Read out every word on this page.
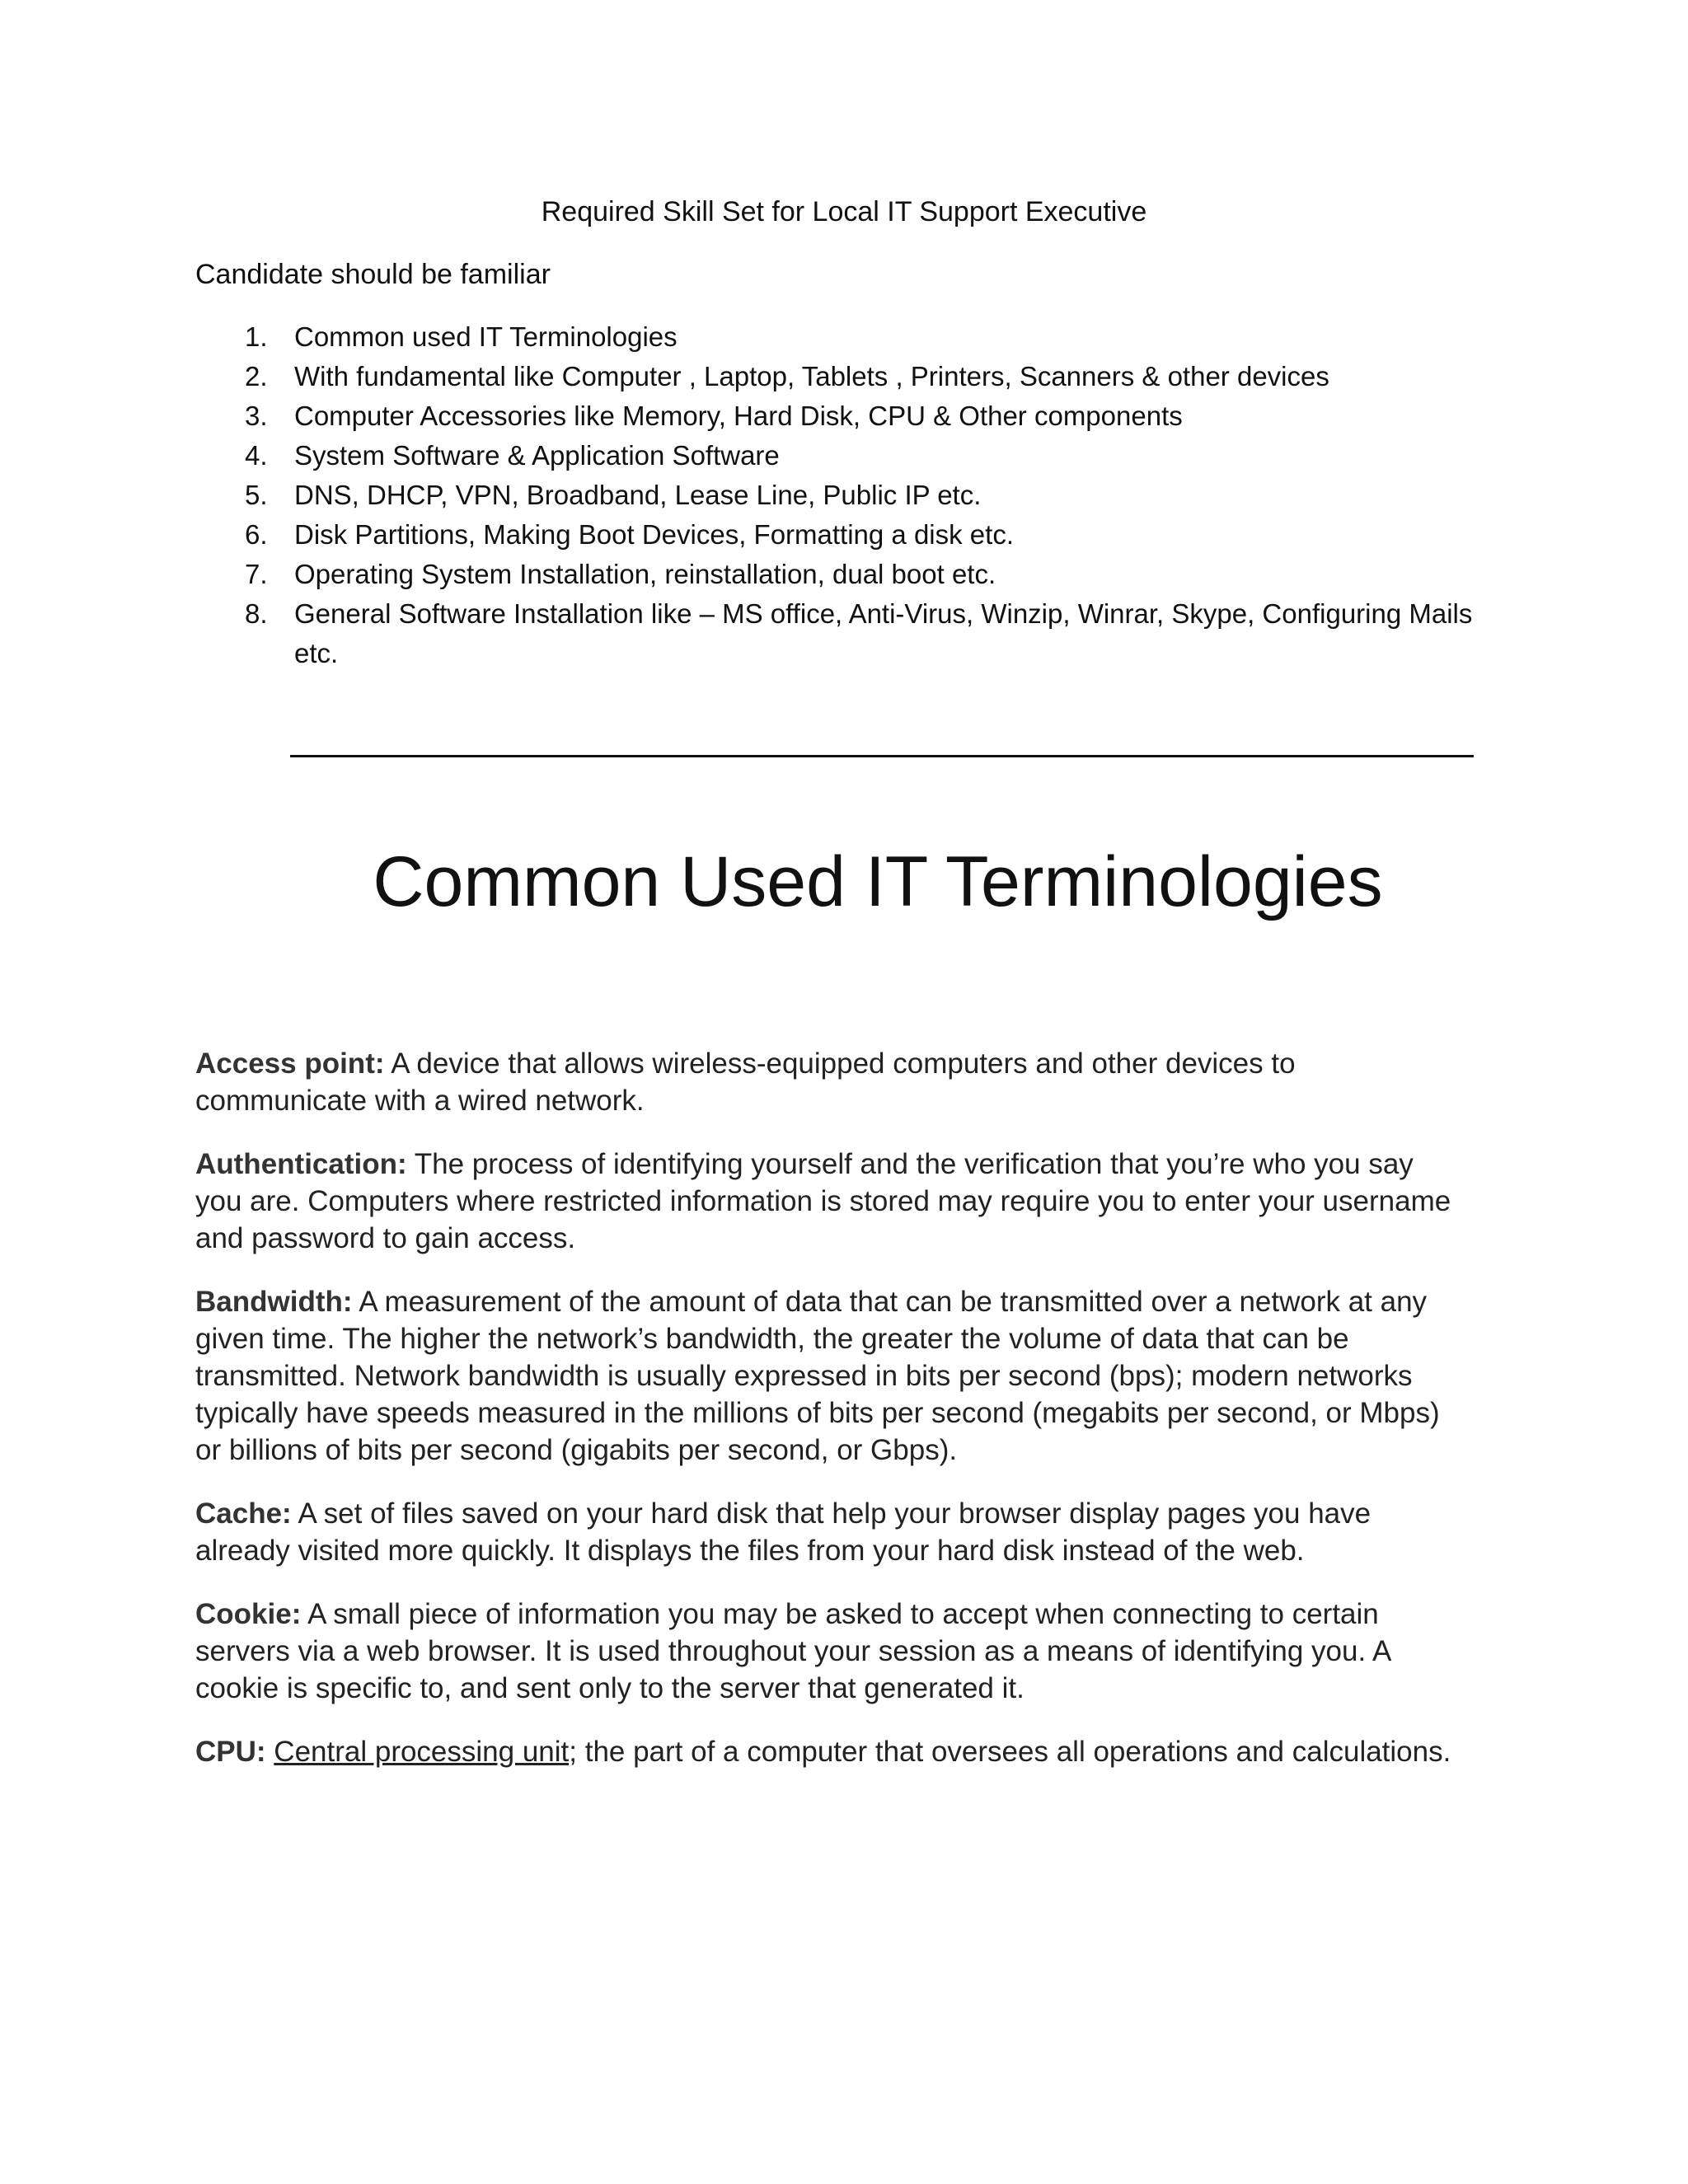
Required Skill Set for Local IT Support Executive
Candidate should be familiar
1. Common used IT Terminologies
2. With fundamental like Computer , Laptop, Tablets , Printers, Scanners & other devices
3. Computer Accessories like Memory, Hard Disk, CPU & Other components
4. System Software & Application Software
5. DNS, DHCP, VPN, Broadband, Lease Line, Public IP etc.
6. Disk Partitions, Making Boot Devices, Formatting a disk etc.
7. Operating System Installation, reinstallation, dual boot etc.
8. General Software Installation like – MS office, Anti-Virus, Winzip, Winrar, Skype, Configuring Mails etc.
Common Used IT Terminologies

Access point: A device that allows wireless-equipped computers and other devices to communicate with a wired network.

Authentication: The process of identifying yourself and the verification that you’re who you say you are. Computers where restricted information is stored may require you to enter your username and password to gain access.

Bandwidth: A measurement of the amount of data that can be transmitted over a network at any given time. The higher the network’s bandwidth, the greater the volume of data that can be transmitted. Network bandwidth is usually expressed in bits per second (bps); modern networks typically have speeds measured in the millions of bits per second (megabits per second, or Mbps) or billions of bits per second (gigabits per second, or Gbps).

Cache: A set of files saved on your hard disk that help your browser display pages you have already visited more quickly. It displays the files from your hard disk instead of the web.

Cookie: A small piece of information you may be asked to accept when connecting to certain servers via a web browser. It is used throughout your session as a means of identifying you. A cookie is specific to, and sent only to the server that generated it.

CPU: Central processing unit; the part of a computer that oversees all operations and calculations.
